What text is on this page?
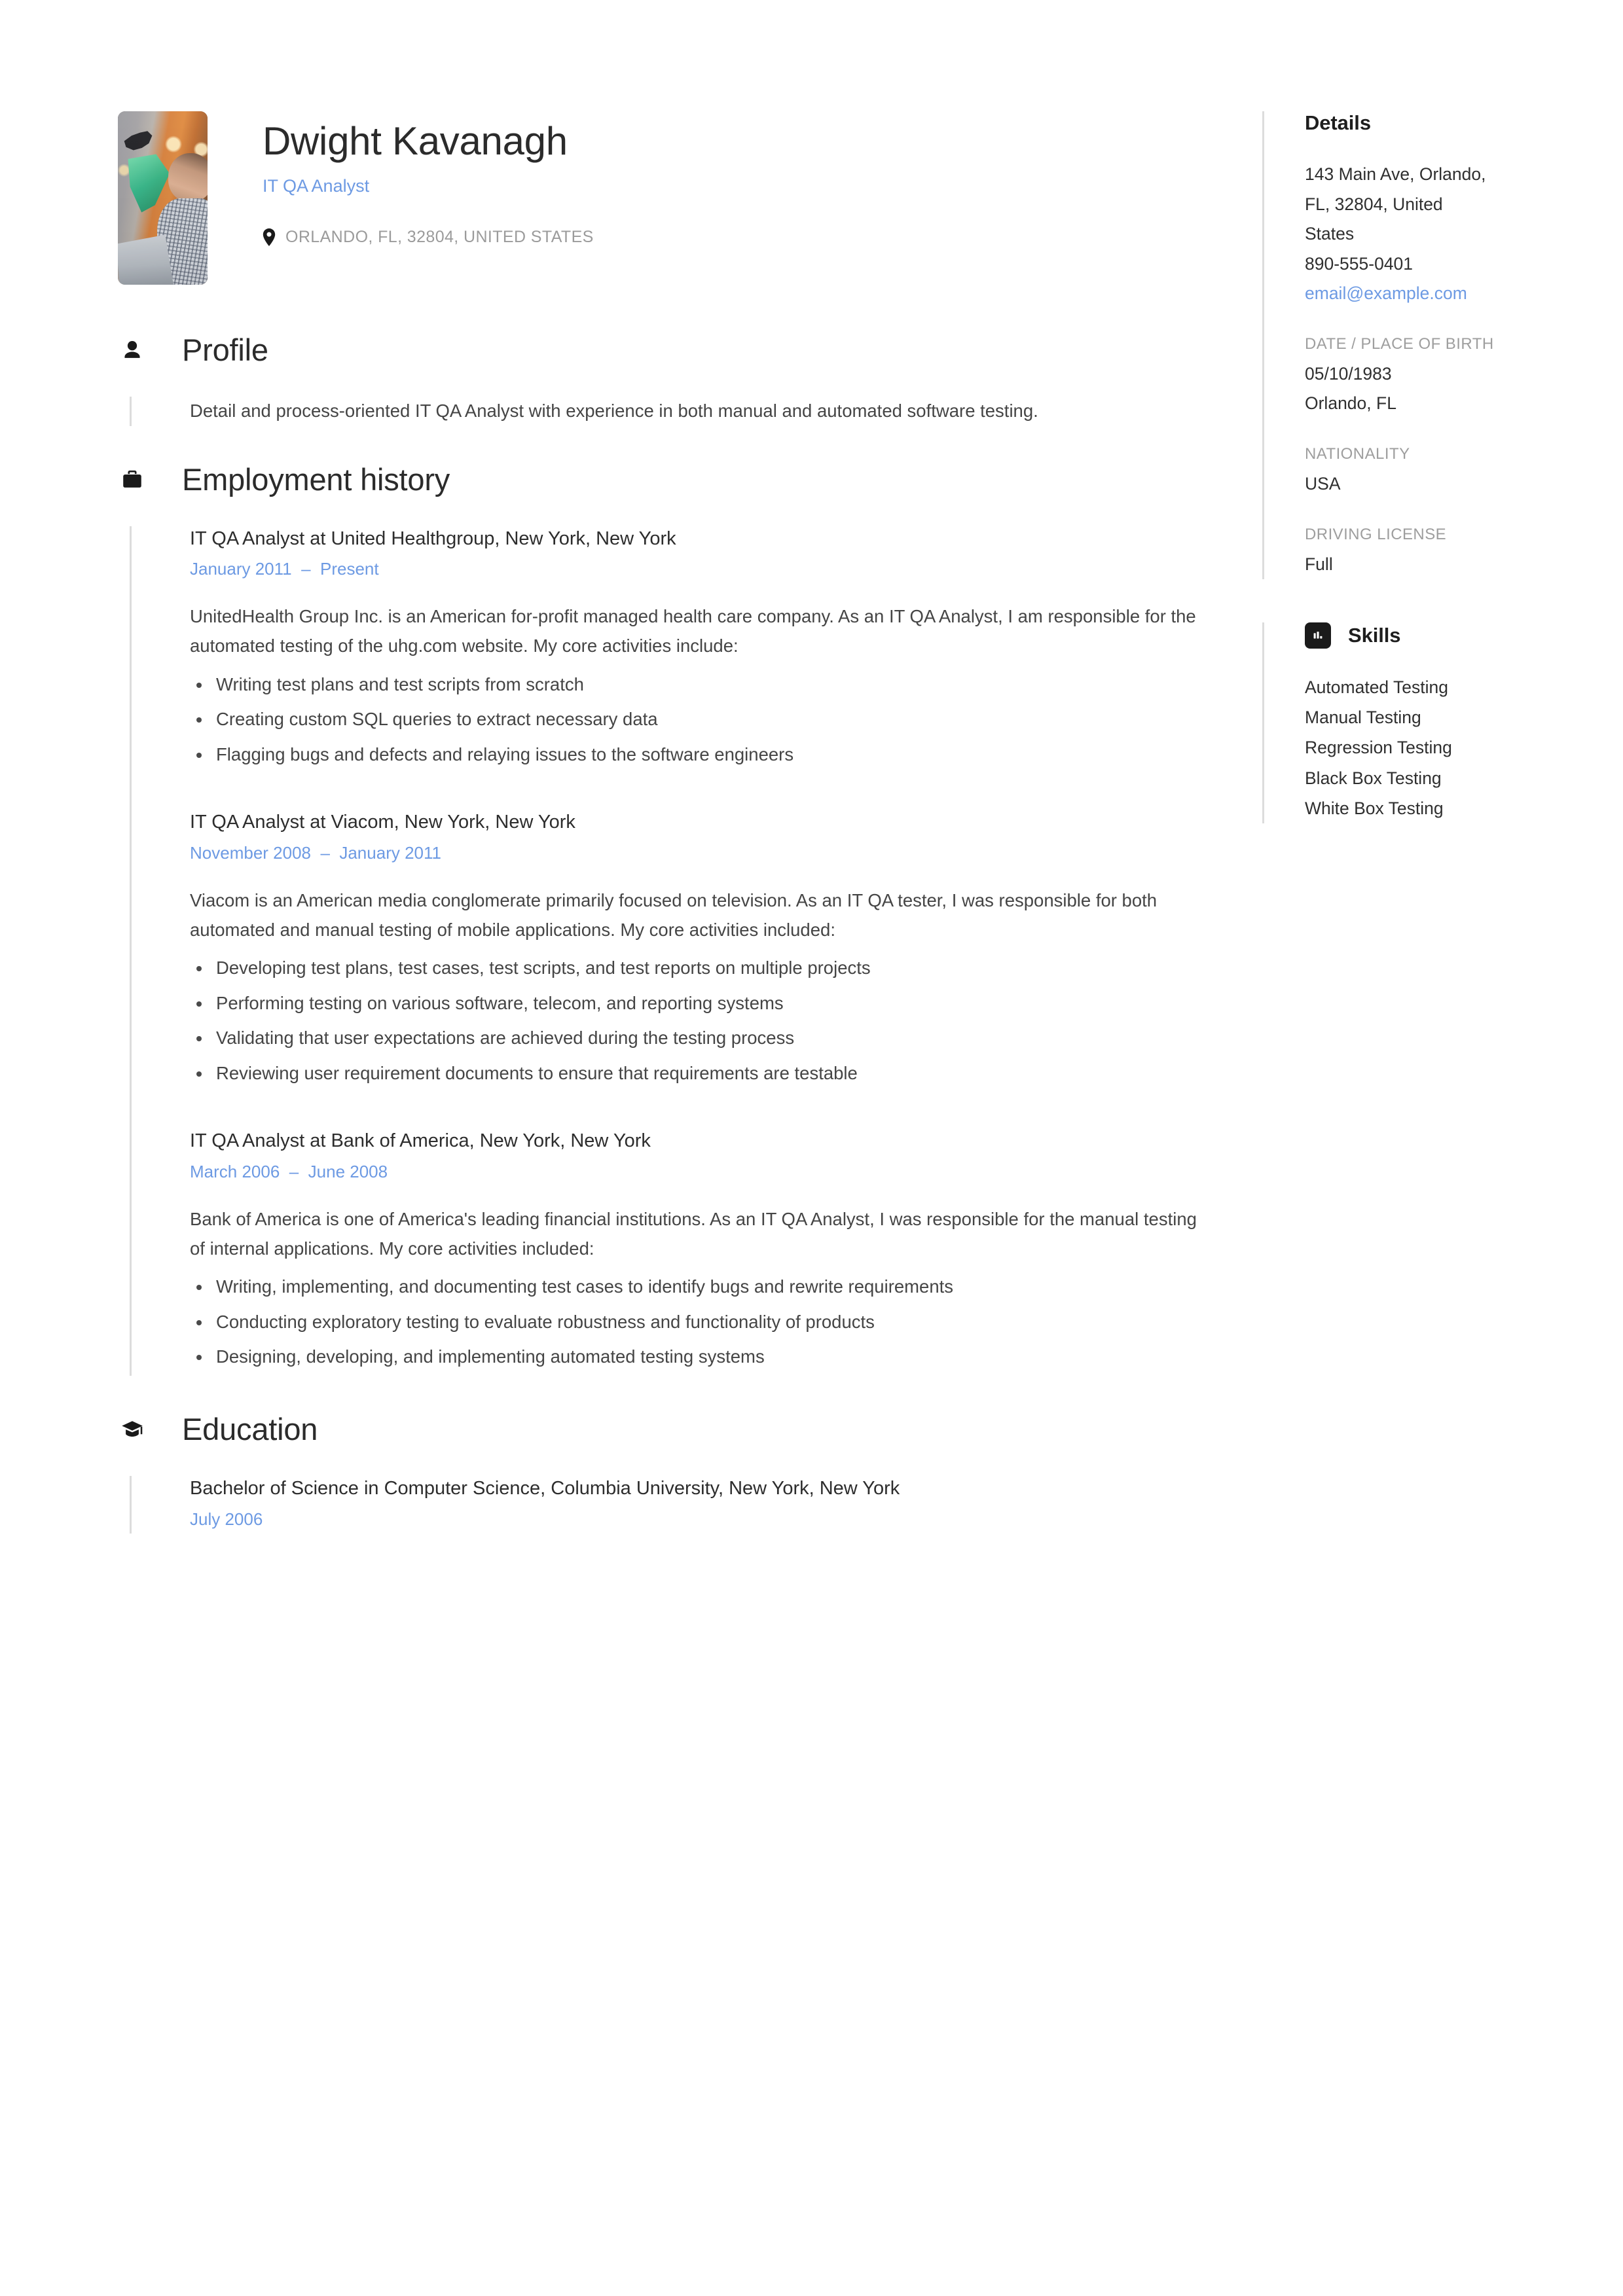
Dwight Kavanagh
IT QA Analyst
ORLANDO, FL, 32804, UNITED STATES
Profile
Detail and process-oriented IT QA Analyst with experience in both manual and automated software testing.
Employment history
IT QA Analyst at United Healthgroup, New York, New York
January 2011  –  Present
UnitedHealth Group Inc. is an American for-profit managed health care company. As an IT QA Analyst, I am responsible for the automated testing of the uhg.com website. My core activities include:
Writing test plans and test scripts from scratch
Creating custom SQL queries to extract necessary data
Flagging bugs and defects and relaying issues to the software engineers
IT QA Analyst at Viacom, New York, New York
November 2008  –  January 2011
Viacom is an American media conglomerate primarily focused on television. As an IT QA tester, I was responsible for both automated and manual testing of mobile applications. My core activities included:
Developing test plans, test cases, test scripts, and test reports on multiple projects
Performing testing on various software, telecom, and reporting systems
Validating that user expectations are achieved during the testing process
Reviewing user requirement documents to ensure that requirements are testable
IT QA Analyst at Bank of America, New York, New York
March 2006  –  June 2008
Bank of America is one of America's leading financial institutions. As an IT QA Analyst, I was responsible for the manual testing of internal applications. My core activities included:
Writing, implementing, and documenting test cases to identify bugs and rewrite requirements
Conducting exploratory testing to evaluate robustness and functionality of products
Designing, developing, and implementing automated testing systems
Education
Bachelor of Science in Computer Science, Columbia University, New York, New York
July 2006
Details
143 Main Ave, Orlando,
FL, 32804, United
States
890-555-0401
email@example.com
DATE / PLACE OF BIRTH
05/10/1983
Orlando, FL
NATIONALITY
USA
DRIVING LICENSE
Full
Skills
Automated Testing
Manual Testing
Regression Testing
Black Box Testing
White Box Testing
